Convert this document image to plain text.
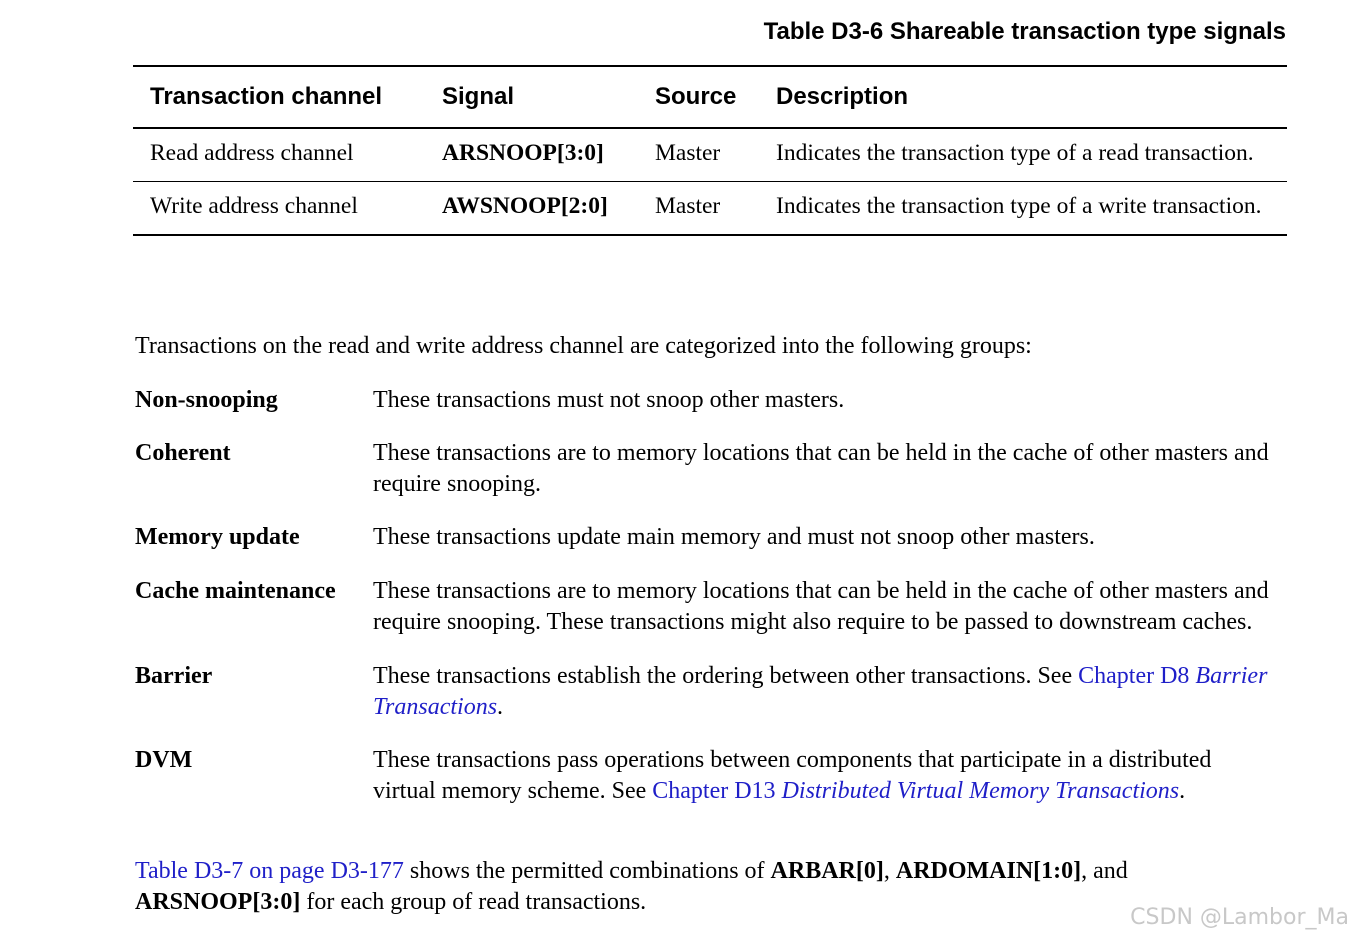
Table D3-6 Shareable transaction type signals
Transaction channel	Signal	Source	Description
Read address channel	ARSNOOP[3:0]	Master	Indicates the transaction type of a read transaction.
Write address channel	AWSNOOP[2:0]	Master	Indicates the transaction type of a write transaction.

Transactions on the read and write address channel are categorized into the following groups:

Non-snooping	These transactions must not snoop other masters.
Coherent	These transactions are to memory locations that can be held in the cache of other masters and require snooping.
Memory update	These transactions update main memory and must not snoop other masters.
Cache maintenance	These transactions are to memory locations that can be held in the cache of other masters and require snooping. These transactions might also require to be passed to downstream caches.
Barrier	These transactions establish the ordering between other transactions. See Chapter D8 Barrier Transactions.
DVM	These transactions pass operations between components that participate in a distributed virtual memory scheme. See Chapter D13 Distributed Virtual Memory Transactions.

Table D3-7 on page D3-177 shows the permitted combinations of ARBAR[0], ARDOMAIN[1:0], and ARSNOOP[3:0] for each group of read transactions.

CSDN @Lambor_Ma
